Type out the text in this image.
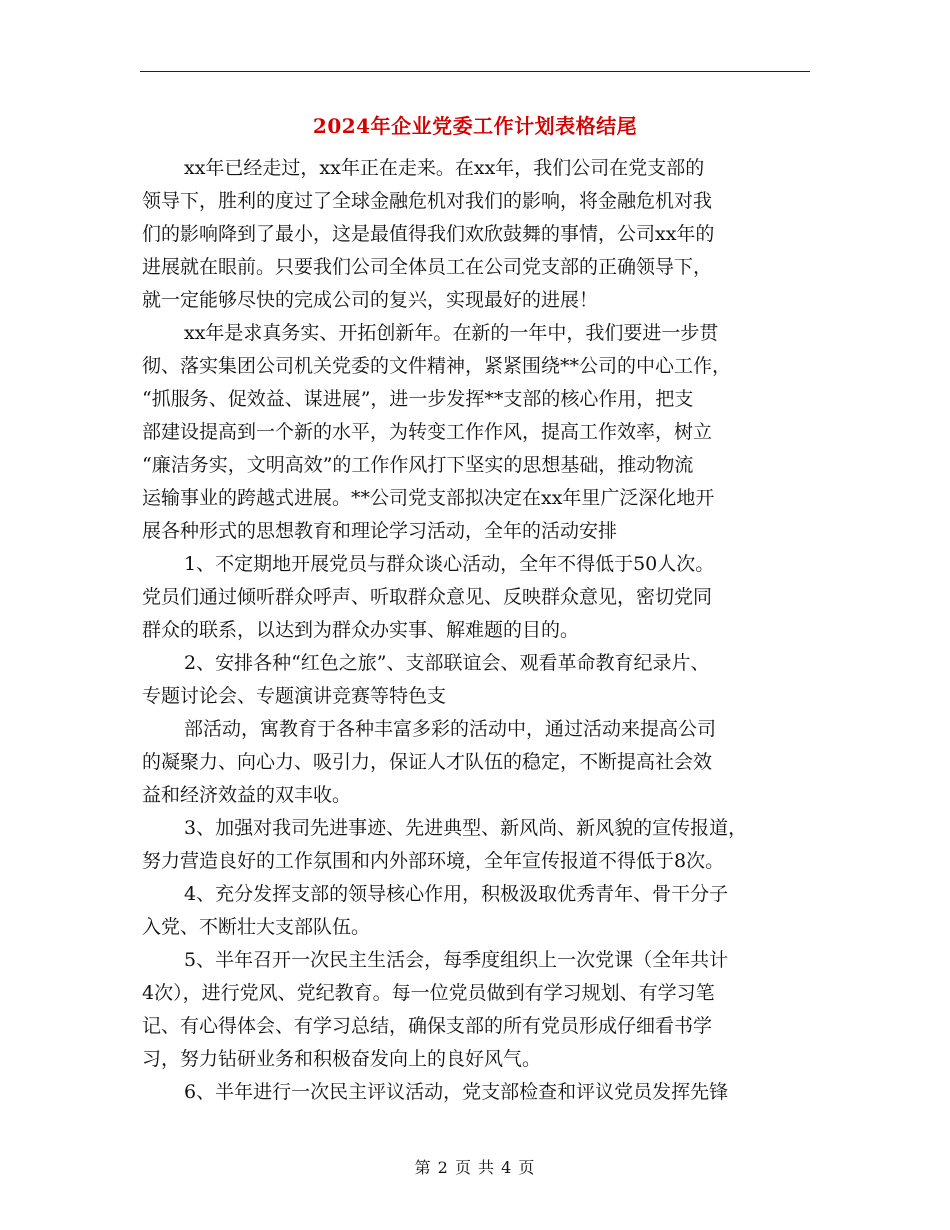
2024年企业党委工作计划表格结尾
xx年已经走过，xx年正在走来。在xx年，我们公司在党支部的
领导下，胜利的度过了全球金融危机对我们的影响，将金融危机对我
们的影响降到了最小，这是最值得我们欢欣鼓舞的事情，公司xx年的
进展就在眼前。只要我们公司全体员工在公司党支部的正确领导下，
就一定能够尽快的完成公司的复兴，实现最好的进展！
xx年是求真务实、开拓创新年。在新的一年中，我们要进一步贯
彻、落实集团公司机关党委的文件精神，紧紧围绕**公司的中心工作，
“抓服务、促效益、谋进展”，进一步发挥**支部的核心作用，把支
部建设提高到一个新的水平，为转变工作作风，提高工作效率，树立
“廉洁务实，文明高效”的工作作风打下坚实的思想基础，推动物流
运输事业的跨越式进展。**公司党支部拟决定在xx年里广泛深化地开
展各种形式的思想教育和理论学习活动，全年的活动安排
1、不定期地开展党员与群众谈心活动，全年不得低于50人次。
党员们通过倾听群众呼声、听取群众意见、反映群众意见，密切党同
群众的联系，以达到为群众办实事、解难题的目的。
2、安排各种“红色之旅”、支部联谊会、观看革命教育纪录片、
专题讨论会、专题演讲竞赛等特色支
部活动，寓教育于各种丰富多彩的活动中，通过活动来提高公司
的凝聚力、向心力、吸引力，保证人才队伍的稳定，不断提高社会效
益和经济效益的双丰收。
3、加强对我司先进事迹、先进典型、新风尚、新风貌的宣传报道，
努力营造良好的工作氛围和内外部环境，全年宣传报道不得低于8次。
4、充分发挥支部的领导核心作用，积极汲取优秀青年、骨干分子
入党、不断壮大支部队伍。
5、半年召开一次民主生活会，每季度组织上一次党课（全年共计
4次），进行党风、党纪教育。每一位党员做到有学习规划、有学习笔
记、有心得体会、有学习总结，确保支部的所有党员形成仔细看书学
习，努力钻研业务和积极奋发向上的良好风气。
6、半年进行一次民主评议活动，党支部检查和评议党员发挥先锋
第 2 页 共 4 页
